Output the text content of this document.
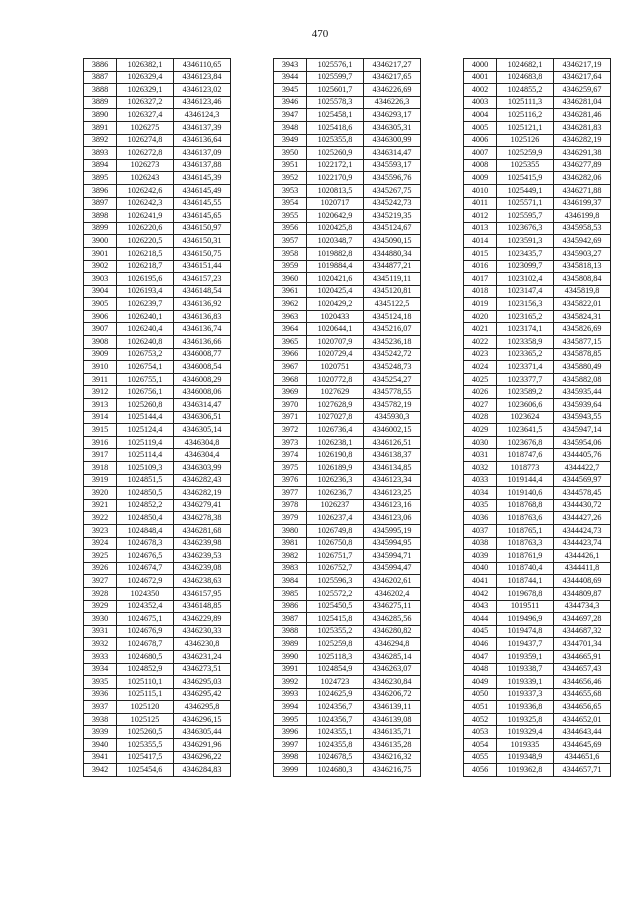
470
3886	1026382,1	4346110,65
3887	1026329,4	4346123,84
3888	1026329,1	4346123,02
3889	1026327,2	4346123,46
3890	1026327,4	4346124,3
3891	1026275	4346137,39
3892	1026274,8	4346136,64
3893	1026272,8	4346137,09
3894	1026273	4346137,88
3895	1026243	4346145,39
3896	1026242,6	4346145,49
3897	1026242,3	4346145,55
3898	1026241,9	4346145,65
3899	1026220,6	4346150,97
3900	1026220,5	4346150,31
3901	1026218,5	4346150,75
3902	1026218,7	4346151,44
3903	1026195,6	4346157,23
3904	1026193,4	4346148,54
3905	1026239,7	4346136,92
3906	1026240,1	4346136,83
3907	1026240,4	4346136,74
3908	1026240,8	4346136,66
3909	1026753,2	4346008,77
3910	1026754,1	4346008,54
3911	1026755,1	4346008,29
3912	1026756,1	4346008,06
3913	1025260,8	4346314,47
3914	1025144,4	4346306,51
3915	1025124,4	4346305,14
3916	1025119,4	4346304,8
3917	1025114,4	4346304,4
3918	1025109,3	4346303,99
3919	1024851,5	4346282,43
3920	1024850,5	4346282,19
3921	1024852,2	4346279,41
3922	1024850,4	4346278,38
3923	1024848,4	4346281,68
3924	1024678,3	4346239,98
3925	1024676,5	4346239,53
3926	1024674,7	4346239,08
3927	1024672,9	4346238,63
3928	1024350	4346157,95
3929	1024352,4	4346148,85
3930	1024675,1	4346229,89
3931	1024676,9	4346230,33
3932	1024678,7	4346230,8
3933	1024680,5	4346231,24
3934	1024852,9	4346273,51
3935	1025110,1	4346295,03
3936	1025115,1	4346295,42
3937	1025120	4346295,8
3938	1025125	4346296,15
3939	1025260,5	4346305,44
3940	1025355,5	4346291,96
3941	1025417,5	4346296,22
3942	1025454,6	4346284,83
3943	1025576,1	4346217,27
3944	1025599,7	4346217,65
3945	1025601,7	4346226,69
3946	1025578,3	4346226,3
3947	1025458,1	4346293,17
3948	1025418,6	4346305,31
3949	1025355,8	4346300,99
3950	1025260,9	4346314,47
3951	1022172,1	4345593,17
3952	1022170,9	4345596,76
3953	1020813,5	4345267,75
3954	1020717	4345242,73
3955	1020642,9	4345219,35
3956	1020425,8	4345124,67
3957	1020348,7	4345090,15
3958	1019882,8	4344880,34
3959	1019884,4	4344877,21
3960	1020421,6	4345119,11
3961	1020425,4	4345120,81
3962	1020429,2	4345122,5
3963	1020433	4345124,18
3964	1020644,1	4345216,07
3965	1020707,9	4345236,18
3966	1020729,4	4345242,72
3967	1020751	4345248,73
3968	1020772,8	4345254,27
3969	1027629	4345778,55
3970	1027628,9	4345782,19
3971	1027027,8	4345930,3
3972	1026736,4	4346002,15
3973	1026238,1	4346126,51
3974	1026190,8	4346138,37
3975	1026189,9	4346134,85
3976	1026236,3	4346123,34
3977	1026236,7	4346123,25
3978	1026237	4346123,16
3979	1026237,4	4346123,06
3980	1026749,8	4345995,19
3981	1026750,8	4345994,95
3982	1026751,7	4345994,71
3983	1026752,7	4345994,47
3984	1025596,3	4346202,61
3985	1025572,2	4346202,4
3986	1025450,5	4346275,11
3987	1025415,8	4346285,56
3988	1025355,2	4346280,82
3989	1025259,8	4346294,8
3990	1025118,3	4346285,14
3991	1024854,9	4346263,07
3992	1024723	4346230,84
3993	1024625,9	4346206,72
3994	1024356,7	4346139,11
3995	1024356,7	4346139,08
3996	1024355,1	4346135,71
3997	1024355,8	4346135,28
3998	1024678,5	4346216,32
3999	1024680,3	4346216,75
4000	1024682,1	4346217,19
4001	1024683,8	4346217,64
4002	1024855,2	4346259,67
4003	1025111,3	4346281,04
4004	1025116,2	4346281,46
4005	1025121,1	4346281,83
4006	1025126	4346282,19
4007	1025259,9	4346291,38
4008	1025355	4346277,89
4009	1025415,9	4346282,06
4010	1025449,1	4346271,88
4011	1025571,1	4346199,37
4012	1025595,7	4346199,8
4013	1023676,3	4345958,53
4014	1023591,3	4345942,69
4015	1023435,7	4345903,27
4016	1023099,7	4345818,13
4017	1023102,4	4345808,84
4018	1023147,4	4345819,8
4019	1023156,3	4345822,01
4020	1023165,2	4345824,31
4021	1023174,1	4345826,69
4022	1023358,9	4345877,15
4023	1023365,2	4345878,85
4024	1023371,4	4345880,49
4025	1023377,7	4345882,08
4026	1023589,2	4345935,44
4027	1023606,6	4345939,64
4028	1023624	4345943,55
4029	1023641,5	4345947,14
4030	1023676,8	4345954,06
4031	1018747,6	4344405,76
4032	1018773	4344422,7
4033	1019144,4	4344569,97
4034	1019140,6	4344578,45
4035	1018768,8	4344430,72
4036	1018763,6	4344427,26
4037	1018765,1	4344424,73
4038	1018763,3	4344423,74
4039	1018761,9	4344426,1
4040	1018740,4	4344411,8
4041	1018744,1	4344408,69
4042	1019678,8	4344809,87
4043	1019511	4344734,3
4044	1019496,9	4344697,28
4045	1019474,8	4344687,32
4046	1019437,7	4344701,34
4047	1019359,1	4344665,91
4048	1019338,7	4344657,43
4049	1019339,1	4344656,46
4050	1019337,3	4344655,68
4051	1019336,8	4344656,65
4052	1019325,8	4344652,01
4053	1019329,4	4344643,44
4054	1019335	4344645,69
4055	1019348,9	4344651,6
4056	1019362,8	4344657,71
